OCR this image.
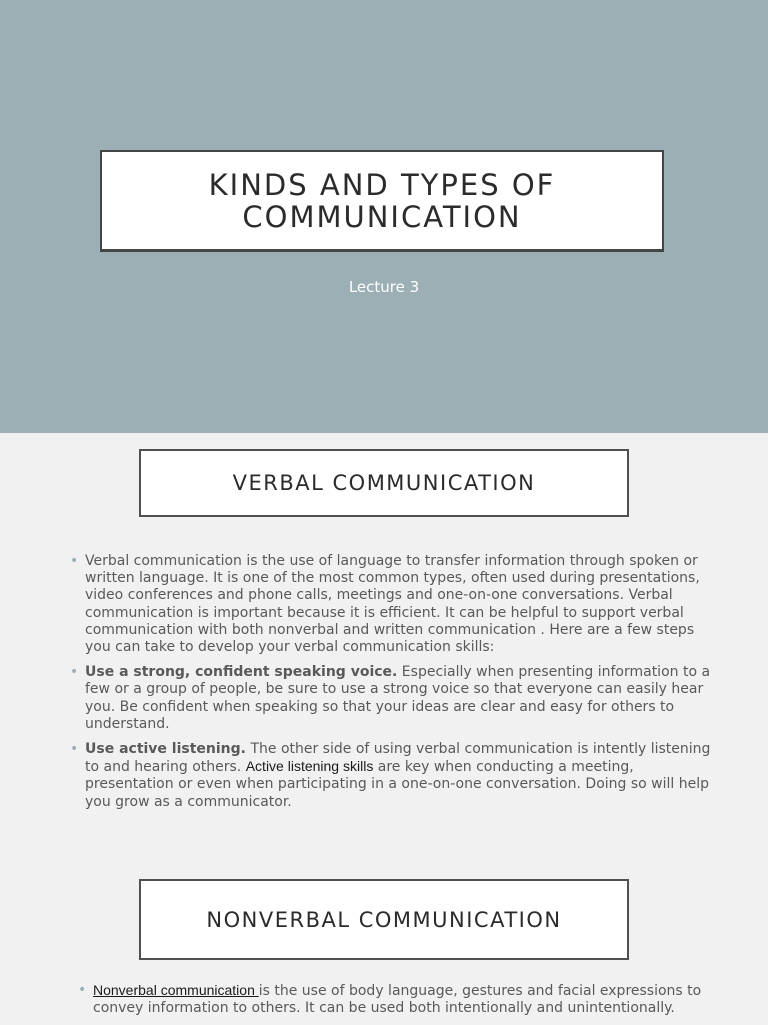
KINDS AND TYPES OF COMMUNICATION
Lecture 3
VERBAL COMMUNICATION
• Verbal communication is the use of language to transfer information through spoken or written language. It is one of the most common types, often used during presentations, video conferences and phone calls, meetings and one-on-one conversations. Verbal communication is important because it is efficient. It can be helpful to support verbal communication with both nonverbal and written communication . Here are a few steps you can take to develop your verbal communication skills:
• Use a strong, confident speaking voice. Especially when presenting information to a few or a group of people, be sure to use a strong voice so that everyone can easily hear you. Be confident when speaking so that your ideas are clear and easy for others to understand.
• Use active listening. The other side of using verbal communication is intently listening to and hearing others. Active listening skills are key when conducting a meeting, presentation or even when participating in a one-on-one conversation. Doing so will help you grow as a communicator.
NONVERBAL COMMUNICATION
• Nonverbal communication is the use of body language, gestures and facial expressions to convey information to others. It can be used both intentionally and unintentionally.
